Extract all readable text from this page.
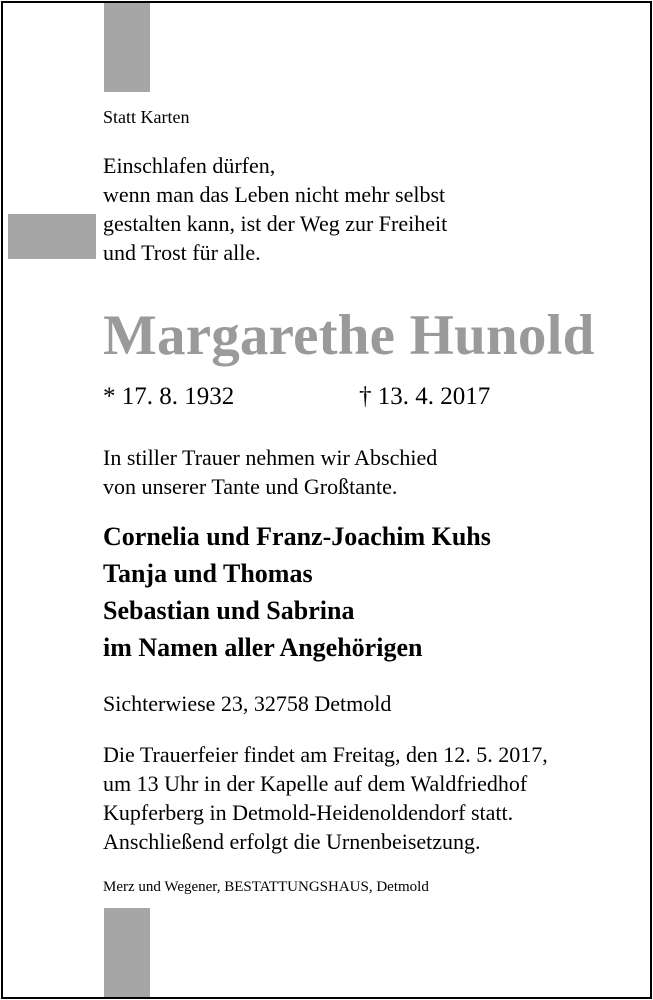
Statt Karten
Einschlafen dürfen,
wenn man das Leben nicht mehr selbst
gestalten kann, ist der Weg zur Freiheit
und Trost für alle.
Margarethe Hunold
* 17. 8. 1932	† 13. 4. 2017
In stiller Trauer nehmen wir Abschied
von unserer Tante und Großtante.
Cornelia und Franz-Joachim Kuhs
Tanja und Thomas
Sebastian und Sabrina
im Namen aller Angehörigen
Sichterwiese 23, 32758 Detmold
Die Trauerfeier findet am Freitag, den 12. 5. 2017,
um 13 Uhr in der Kapelle auf dem Waldfriedhof
Kupferberg in Detmold-Heidenoldendorf statt.
Anschließend erfolgt die Urnenbeisetzung.
Merz und Wegener, BESTATTUNGSHAUS, Detmold
